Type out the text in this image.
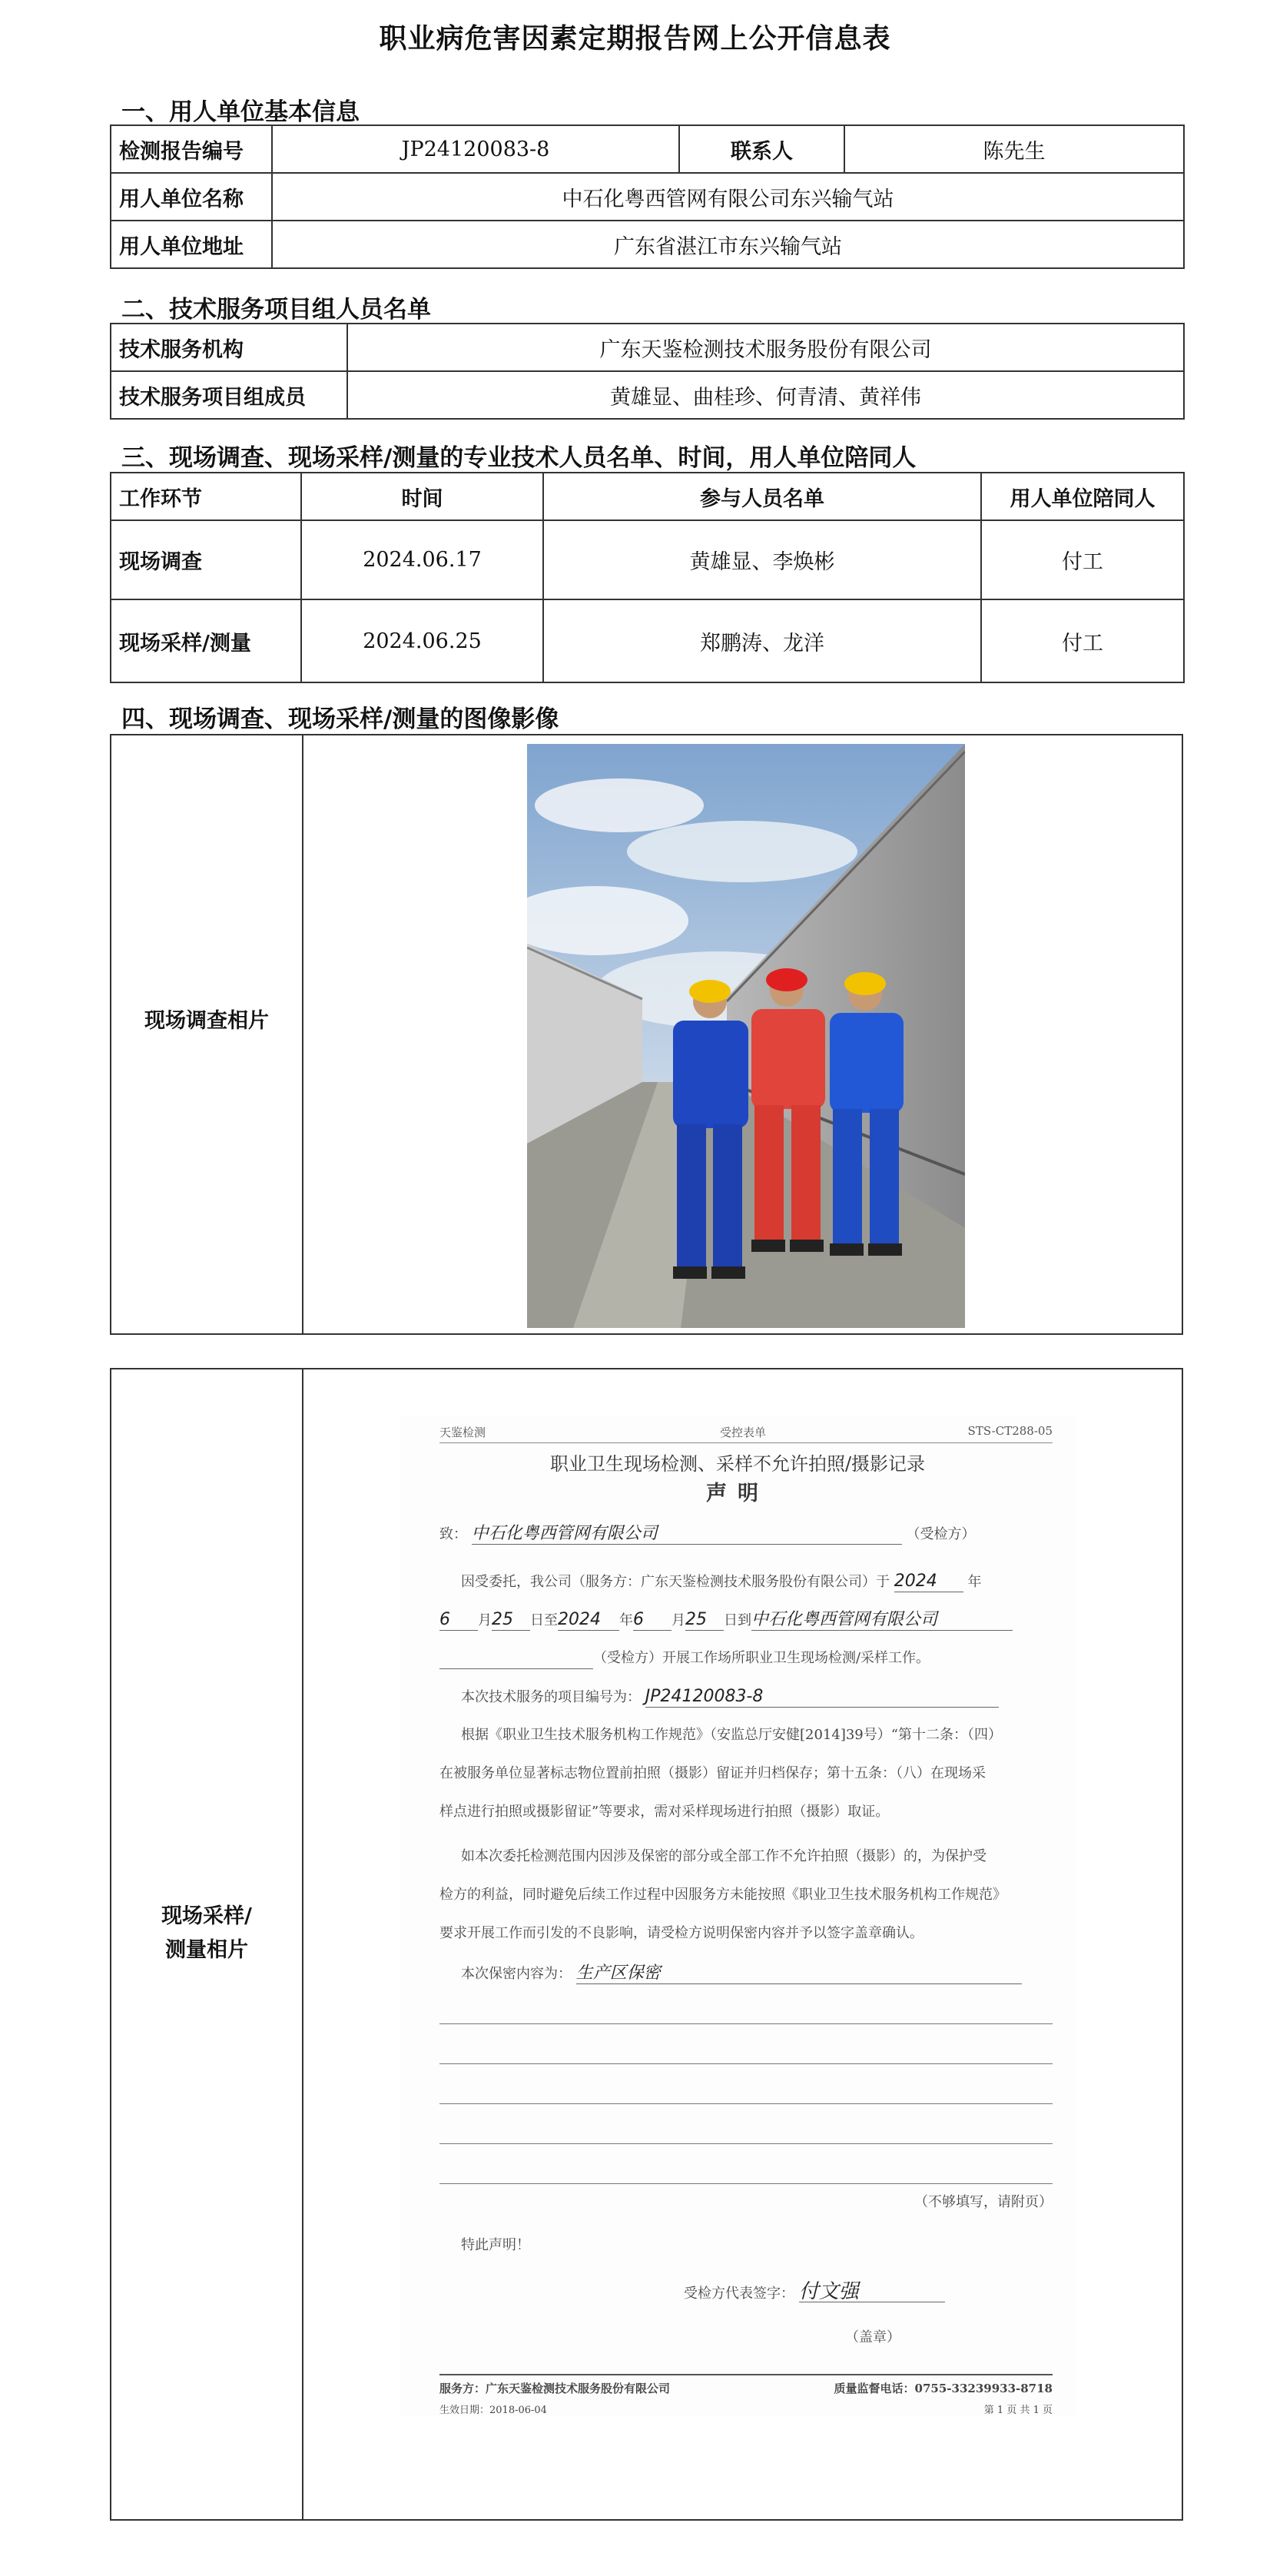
职业病危害因素定期报告网上公开信息表
一、用人单位基本信息
检测报告编号	JP24120083-8	联系人	陈先生
用人单位名称	中石化粤西管网有限公司东兴输气站		
用人单位地址	广东省湛江市东兴输气站		
二、技术服务项目组人员名单
技术服务机构	广东天鉴检测技术服务股份有限公司
技术服务项目组成员	黄雄显、曲桂珍、何青清、黄祥伟
三、现场调查、现场采样/测量的专业技术人员名单、时间，用人单位陪同人
工作环节	时间	参与人员名单	用人单位陪同人
现场调查	2024.06.17	黄雄显、李焕彬	付工
现场采样/测量	2024.06.25	郑鹏涛、龙洋	付工
四、现场调查、现场采样/测量的图像影像
现场调查相片
现场采样/
测量相片
天鉴检测	受控表单	STS-CT288-05
职业卫生现场检测、采样不允许拍照/摄影记录
声明
致： 中石化粤西管网有限公司	（受检方）
因受委托，我公司（服务方：广东天鉴检测技术服务股份有限公司）于 2024 年
6 月25 日至2024 年6 月25 日到中石化粤西管网有限公司
（受检方）开展工作场所职业卫生现场检测/采样工作。
本次技术服务的项目编号为： JP24120083-8
根据《职业卫生技术服务机构工作规范》（安监总厅安健[2014]39号）“第十二条：（四）
在被服务单位显著标志物位置前拍照（摄影）留证并归档保存；第十五条：（八）在现场采
样点进行拍照或摄影留证”等要求，需对采样现场进行拍照（摄影）取证。
如本次委托检测范围内因涉及保密的部分或全部工作不允许拍照（摄影）的，为保护受
检方的利益，同时避免后续工作过程中因服务方未能按照《职业卫生技术服务机构工作规范》
要求开展工作而引发的不良影响，请受检方说明保密内容并予以签字盖章确认。
本次保密内容为： 生产区保密
（不够填写，请附页）
特此声明！
受检方代表签字： 付文强
（盖章）
服务方：广东天鉴检测技术服务股份有限公司	质量监督电话：0755-33239933-8718
生效日期：2018-06-04	第 1 页 共 1 页
